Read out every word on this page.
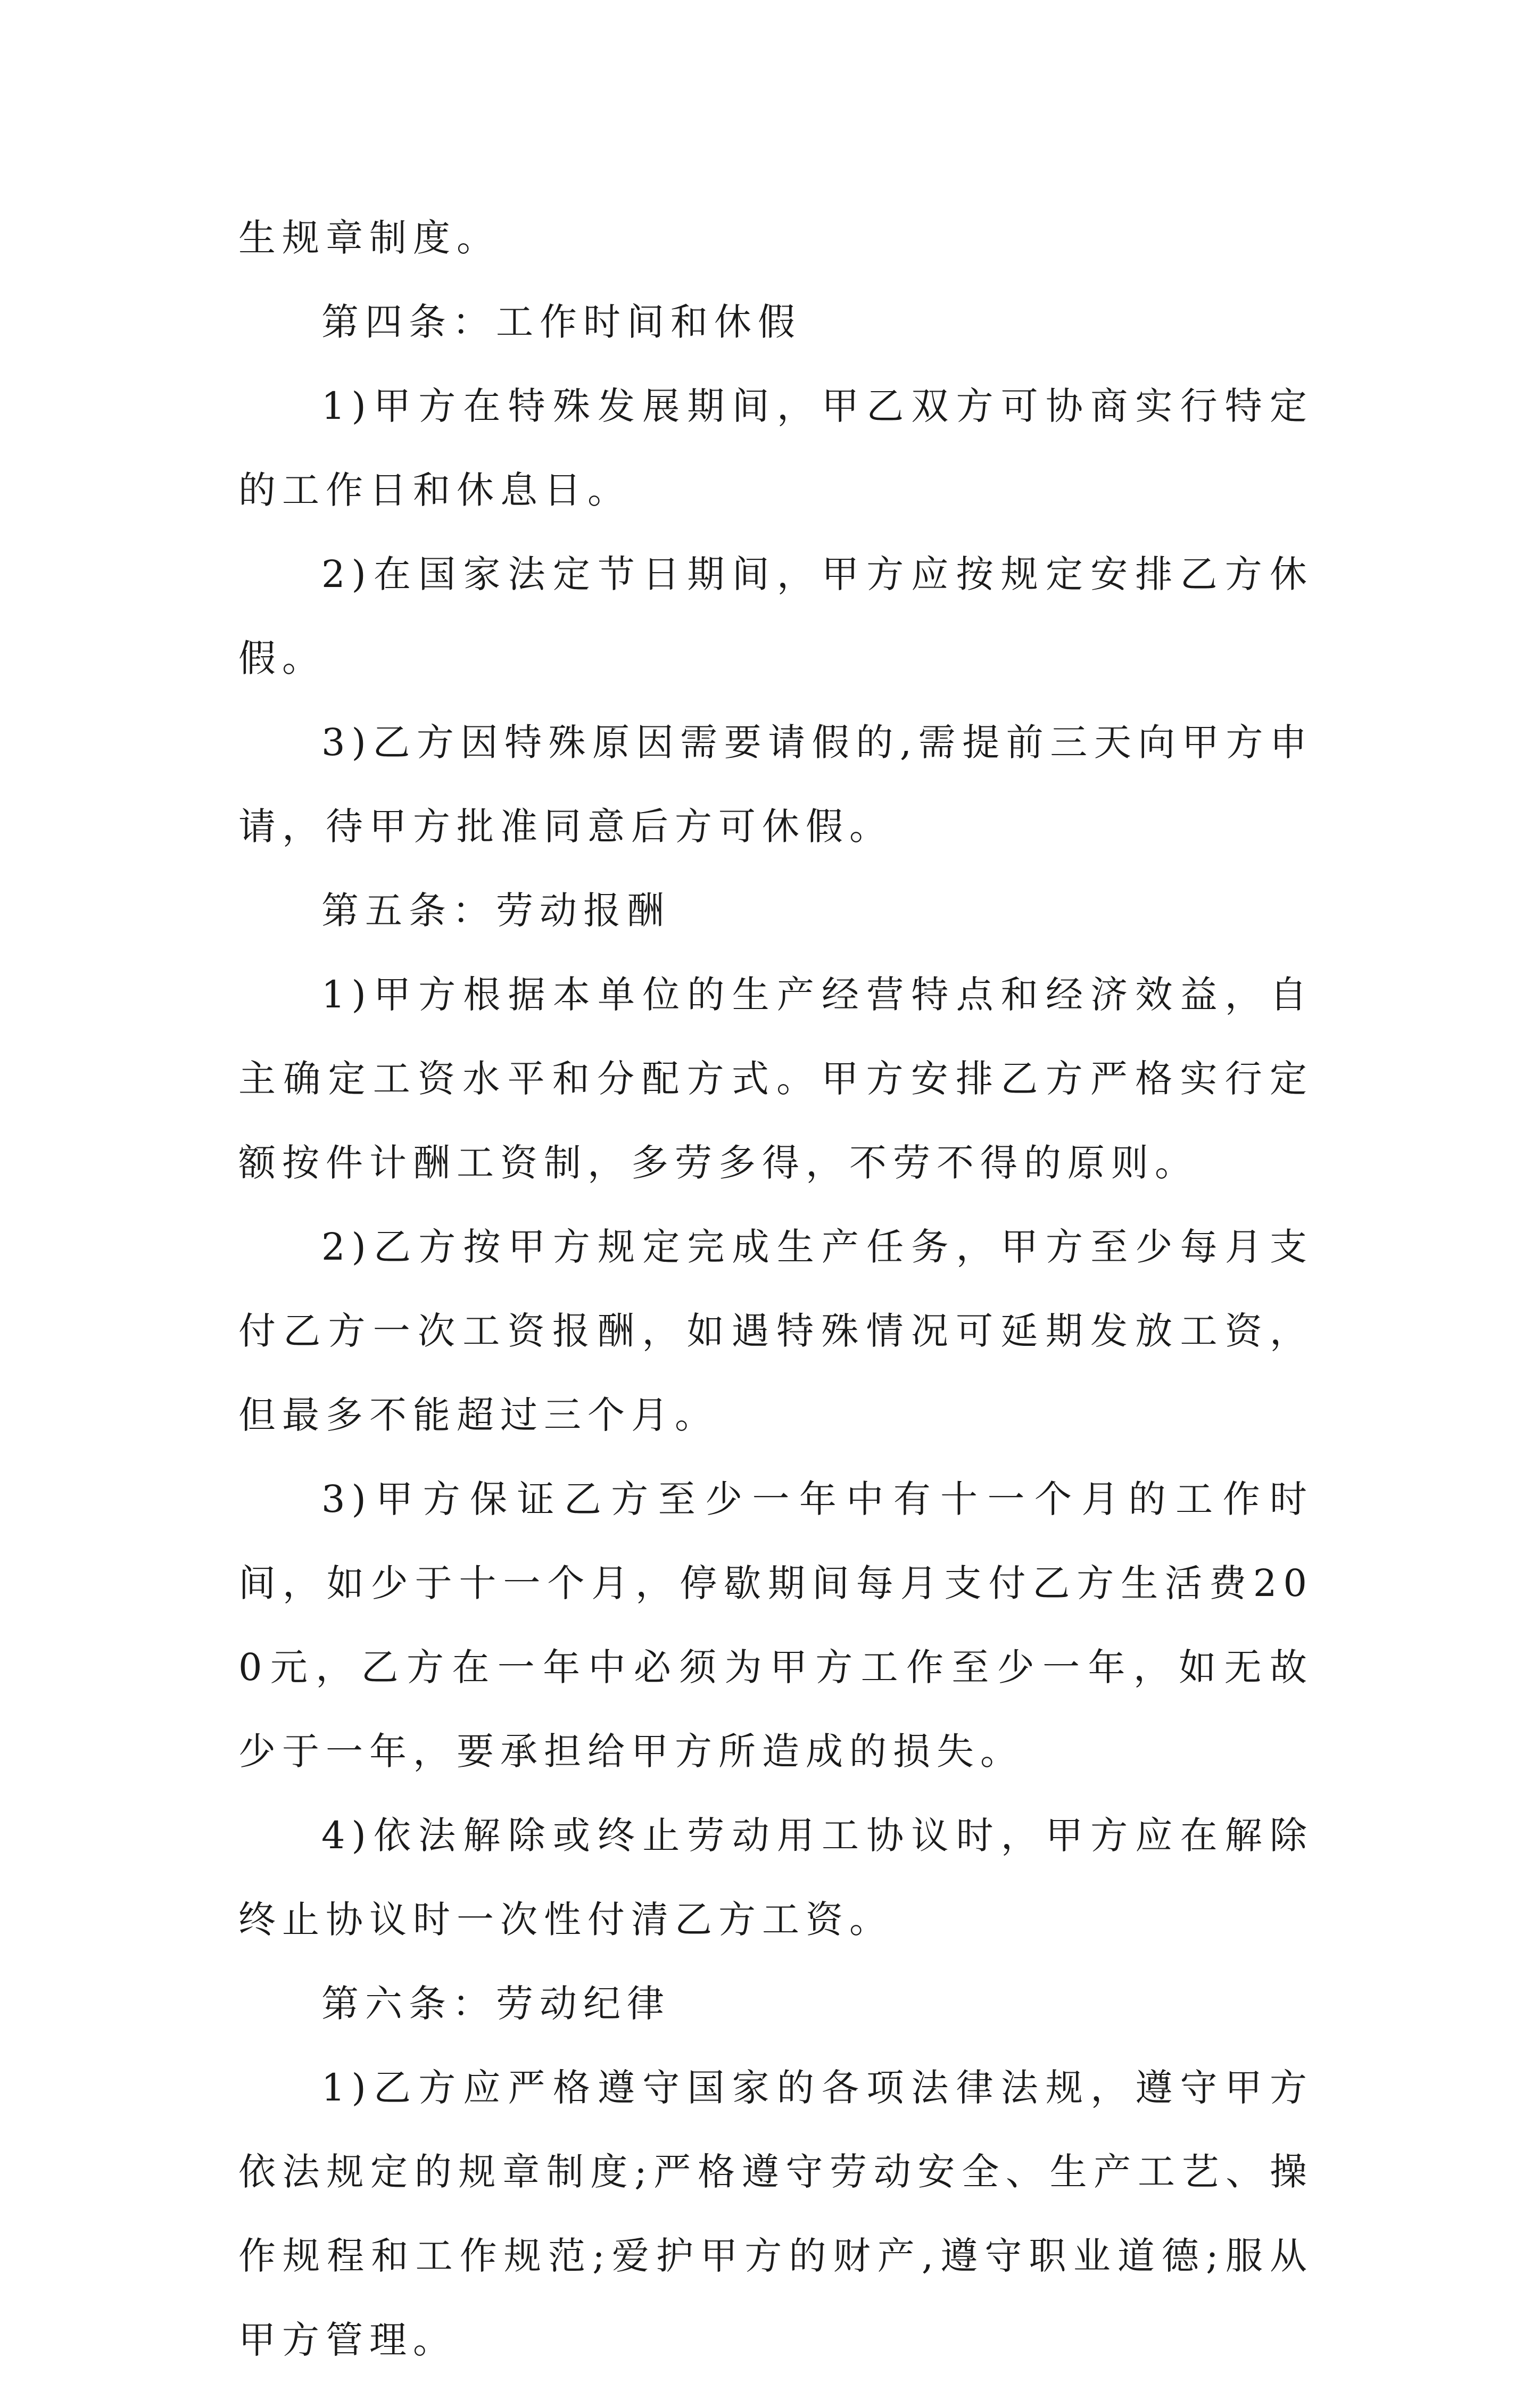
生规章制度。

第四条：工作时间和休假

1)甲方在特殊发展期间，甲乙双方可协商实行特定的工作日和休息日。

2)在国家法定节日期间，甲方应按规定安排乙方休假。

3)乙方因特殊原因需要请假的,需提前三天向甲方申请，待甲方批准同意后方可休假。

第五条：劳动报酬

1)甲方根据本单位的生产经营特点和经济效益，自主确定工资水平和分配方式。甲方安排乙方严格实行定额按件计酬工资制，多劳多得，不劳不得的原则。

2)乙方按甲方规定完成生产任务，甲方至少每月支付乙方一次工资报酬，如遇特殊情况可延期发放工资，但最多不能超过三个月。

3)甲方保证乙方至少一年中有十一个月的工作时间，如少于十一个月，停歇期间每月支付乙方生活费200元，乙方在一年中必须为甲方工作至少一年，如无故少于一年，要承担给甲方所造成的损失。

4)依法解除或终止劳动用工协议时，甲方应在解除终止协议时一次性付清乙方工资。

第六条：劳动纪律

1)乙方应严格遵守国家的各项法律法规，遵守甲方依法规定的规章制度;严格遵守劳动安全、生产工艺、操作规程和工作规范;爱护甲方的财产,遵守职业道德;服从甲方管理。
